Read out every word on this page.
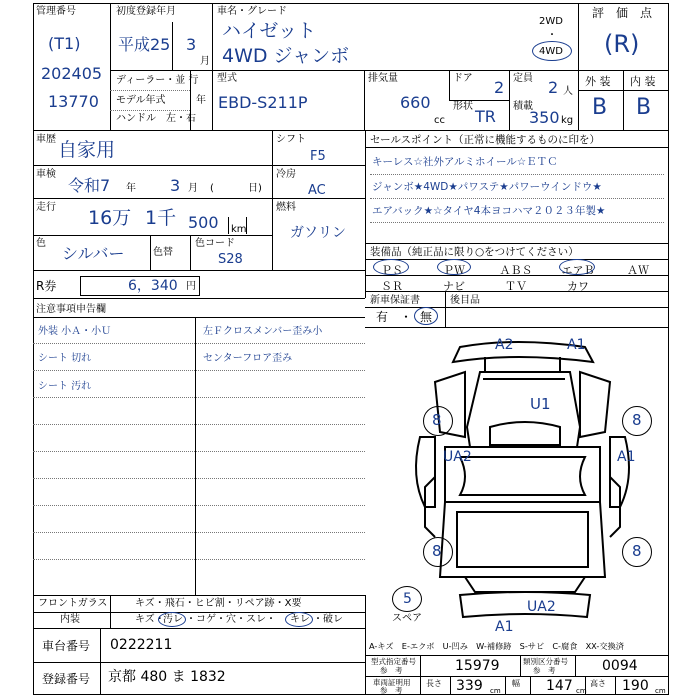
管理番号
(T1)
202405
13770
初度登録年月
平成25 3
月
ディーラー・並 行
モデル年式	年
ハンドル　左・右
車名・グレード
ハイゼット
4WD ジャンボ
2WD
・
4WD
型式
EBD-S211P
排気量
660
cc
ドア 2
形状
TR
定員 2 人
積載
350 kg
評　価　点
(R)
外 装 内 装
B B
車歴 自家用
車検
令和7 年 3 月 (	日)
走行 16万 1千 500 km
色
シルバー	色替
色コード
S28
シフト
F5
冷房
AC
燃料
ガソリン
R券	6，340 円
セールスポイント（正常に機能するものに印を）
キーレス☆社外アルミホイール☆ＥＴＣ
ジャンボ★4WD★パワステ★パワーウインドウ★
エアバック★☆タイヤ4本ヨコハマ２０２３年製★
装備品（純正品に限り○をつけてください）
ＰＳ	ＰＷ	ＡＢＳ	エアＢ	ＡＷ
ＳＲ	ナビ	ＴＶ	カワ
新車保証書
有　・ 無
後目品
注意事項申告欄
外装 小Ａ・小Ｕ	左Ｆクロスメンバー歪み小
シート 切れ	センターフロア歪み
シート 汚れ
A2	A1
U1
8	8
UA2	A1
8	8
UA2
A1
5
スペア
フロントガラス	キズ・飛石・ヒビ割・リペア跡・X要
内装	キズ・
汚レ ・コゲ・穴・スレ・ キレ ・破レ
A-キズ　E-エクボ　U-凹み　W-補修跡　S-サビ　C-腐食　XX-交換済
車台番号 0222211
登録番号 京都 480 ま 1832
型式指定番号
参　考	15979	類別区分番号
参　考	0094
車両証明用
参　考
長さ 339 cm
幅 147 cm
高さ 190 cm
